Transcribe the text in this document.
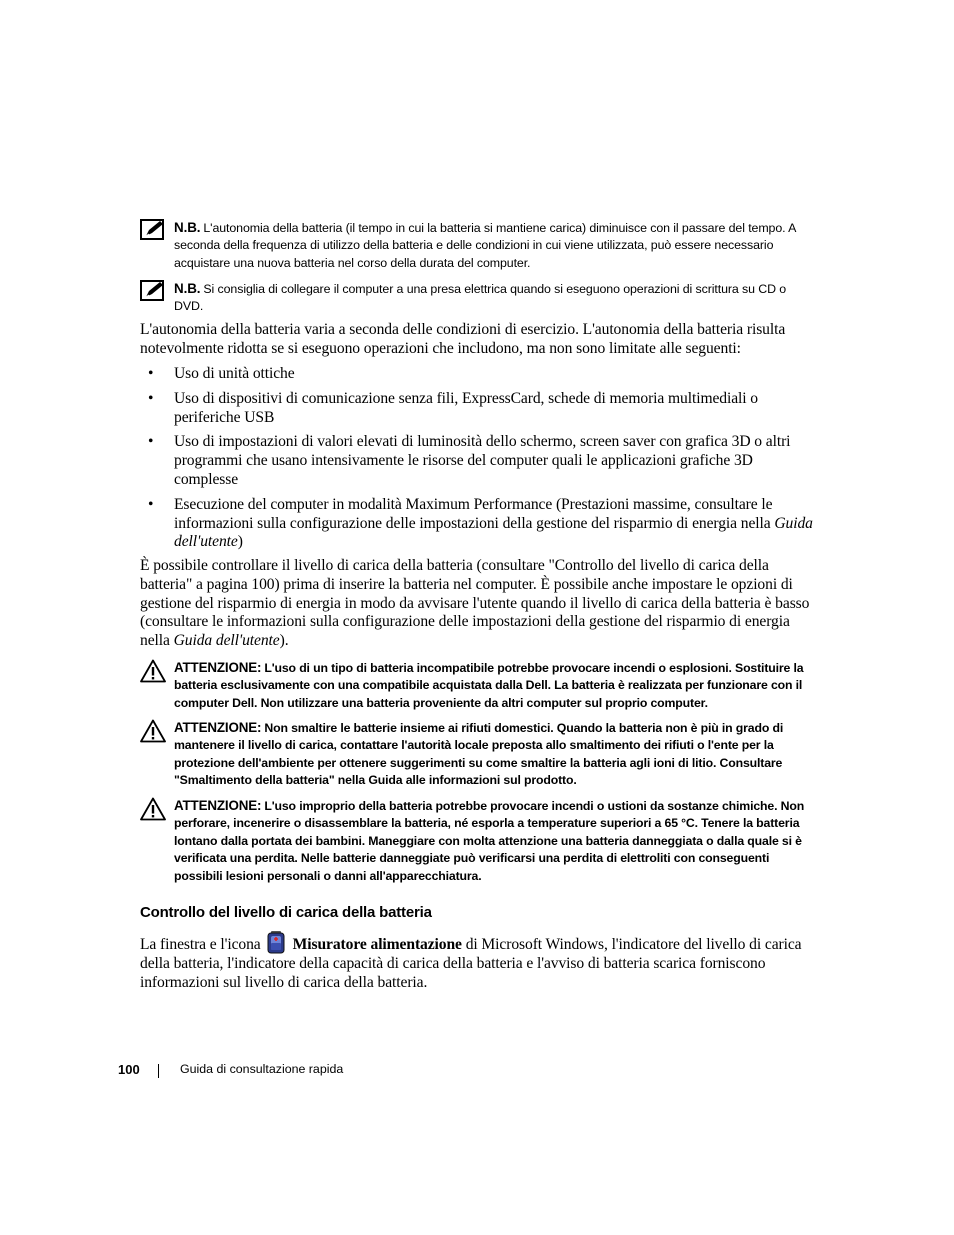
N.B. L'autonomia della batteria (il tempo in cui la batteria si mantiene carica) diminuisce con il passare del tempo. A seconda della frequenza di utilizzo della batteria e delle condizioni in cui viene utilizzata, può essere necessario acquistare una nuova batteria nel corso della durata del computer.
N.B. Si consiglia di collegare il computer a una presa elettrica quando si eseguono operazioni di scrittura su CD o DVD.

L'autonomia della batteria varia a seconda delle condizioni di esercizio. L'autonomia della batteria risulta notevolmente ridotta se si eseguono operazioni che includono, ma non sono limitate alle seguenti:

• Uso di unità ottiche
• Uso di dispositivi di comunicazione senza fili, ExpressCard, schede di memoria multimediali o periferiche USB
• Uso di impostazioni di valori elevati di luminosità dello schermo, screen saver con grafica 3D o altri programmi che usano intensivamente le risorse del computer quali le applicazioni grafiche 3D complesse
• Esecuzione del computer in modalità Maximum Performance (Prestazioni massime, consultare le informazioni sulla configurazione delle impostazioni della gestione del risparmio di energia nella Guida dell'utente)

È possibile controllare il livello di carica della batteria (consultare "Controllo del livello di carica della batteria" a pagina 100) prima di inserire la batteria nel computer. È possibile anche impostare le opzioni di gestione del risparmio di energia in modo da avvisare l'utente quando il livello di carica della batteria è basso (consultare le informazioni sulla configurazione delle impostazioni della gestione del risparmio di energia nella Guida dell'utente).

ATTENZIONE: L'uso di un tipo di batteria incompatibile potrebbe provocare incendi o esplosioni. Sostituire la batteria esclusivamente con una compatibile acquistata dalla Dell. La batteria è realizzata per funzionare con il computer Dell. Non utilizzare una batteria proveniente da altri computer sul proprio computer.
ATTENZIONE: Non smaltire le batterie insieme ai rifiuti domestici. Quando la batteria non è più in grado di mantenere il livello di carica, contattare l'autorità locale preposta allo smaltimento dei rifiuti o l'ente per la protezione dell'ambiente per ottenere suggerimenti su come smaltire la batteria agli ioni di litio. Consultare "Smaltimento della batteria" nella Guida alle informazioni sul prodotto.
ATTENZIONE: L'uso improprio della batteria potrebbe provocare incendi o ustioni da sostanze chimiche. Non perforare, incenerire o disassemblare la batteria, né esporla a temperature superiori a 65 °C. Tenere la batteria lontano dalla portata dei bambini. Maneggiare con molta attenzione una batteria danneggiata o dalla quale si è verificata una perdita. Nelle batterie danneggiate può verificarsi una perdita di elettroliti con conseguenti possibili lesioni personali o danni all'apparecchiatura.
Controllo del livello di carica della batteria

La finestra e l'icona Misuratore alimentazione di Microsoft Windows, l'indicatore del livello di carica della batteria, l'indicatore della capacità di carica della batteria e l'avviso di batteria scarica forniscono informazioni sul livello di carica della batteria.

100	Guida di consultazione rapida
